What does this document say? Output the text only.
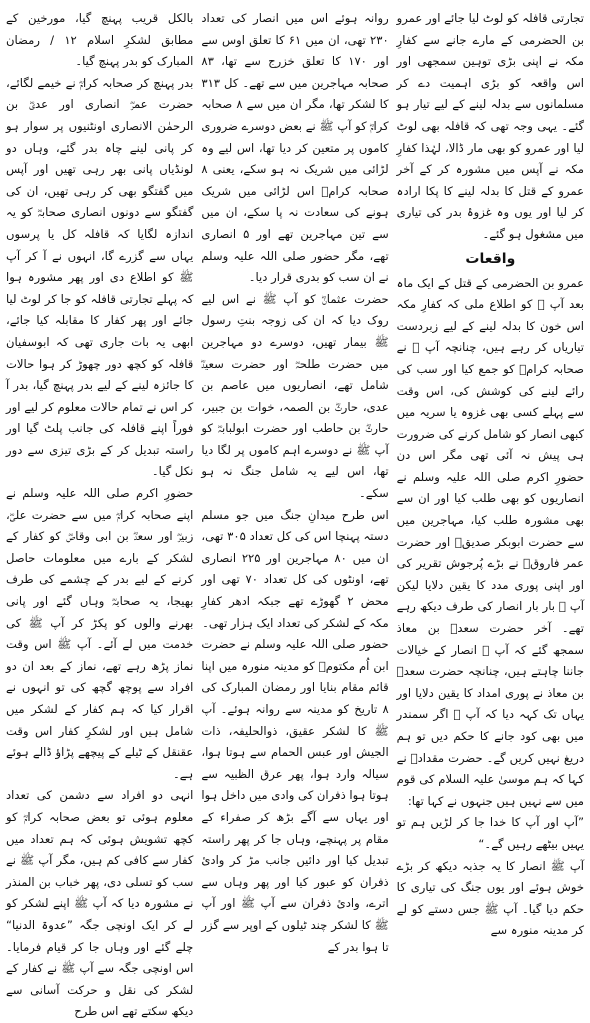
تجارتی قافلہ کو لوٹ لیا جائے اور عمرو بن الحضرمی کے مارے جانے سے کفارِ مکہ نے اپنی بڑی توہین سمجھی اور اس واقعہ کو بڑی اہمیت دے کر مسلمانوں سے بدلہ لینے کے لیے تیار ہو گئے۔ یہی وجہ تھی کہ قافلہ بھی لوٹ لیا اور عمرو کو بھی مار ڈالا، لہٰذا کفارِ مکہ نے آپس میں مشورہ کر کے آخر عمرو کے قتل کا بدلہ لینے کا پکا ارادہ کر لیا اور یوں وہ غزوۂ بدر کی تیاری میں مشغول ہو گئے۔

واقعات

عمرو بن الحضرمی کے قتل کے ایک ماہ بعد آپ ﷺ کو اطلاع ملی کہ کفارِ مکہ اس خون کا بدلہ لینے کے لیے زبردست تیاریاں کر رہے ہیں، چنانچہ آپ ﷺ نے صحابہ کرامؓ کو جمع کیا اور سب کی رائے لینے کی کوشش کی، اس وقت سے پہلے کسی بھی غزوہ یا سریہ میں کبھی انصار کو شامل کرنے کی ضرورت ہی پیش نہ آئی تھی مگر اس دن حضورِ اکرم صلی اللہ علیہ وسلم نے انصاریوں کو بھی طلب کیا اور ان سے بھی مشورہ طلب کیا، مہاجرین میں سے حضرت ابوبکر صدیقؓ اور حضرت عمر فاروقؓ نے بڑے پُرجوش تقریر کی اور اپنی پوری مدد کا یقین دلایا لیکن آپ ﷺ بار بار انصار کی طرف دیکھ رہے تھے۔ آخر حضرت سعدؓ بن معاذ سمجھ گئے کہ آپ ﷺ انصار کے خیالات جاننا چاہتے ہیں، چنانچہ حضرت سعدؓ بن معاذ نے پوری امداد کا یقین دلایا اور یہاں تک کہہ دیا کہ آپ ﷺ اگر سمندر میں بھی کود جانے کا حکم دیں تو ہم دریغ نہیں کریں گے۔ حضرت مقدادؓ نے کہا کہ ہم موسیٰ علیہ السلام کی قوم میں سے نہیں ہیں جنہوں نے کہا تھا:

”آپ اور آپ کا خدا جا کر لڑیں ہم تو یہیں بیٹھے رہیں گے۔“

آپ ﷺ انصار کا یہ جذبہ دیکھ کر بڑے خوش ہوئے اور یوں جنگ کی تیاری کا حکم دیا گیا۔ آپ ﷺ جس دستے کو لے کر مدینہ منورہ سے

روانہ ہوئے اس میں انصار کی تعداد ۲۳۰ تھی، ان میں ۶۱ کا تعلق اوس سے اور ۱۷۰ کا تعلق خزرج سے تھا، ۸۳ صحابہ مہاجرین میں سے تھے۔ کل ۳۱۳ کا لشکر تھا، مگر ان میں سے ۸ صحابہ کرامؓ کو آپ ﷺ نے بعض دوسرے ضروری کاموں پر متعین کر دیا تھا، اس لیے وہ لڑائی میں شریک نہ ہو سکے، یعنی ۸ صحابہ کرامؓ اس لڑائی میں شریک ہونے کی سعادت نہ پا سکے، ان میں سے تین مہاجرین تھے اور ۵ انصاری تھے، مگر حضور صلی اللہ علیہ وسلم نے ان سب کو بدری قرار دیا۔

حضرت عثمانؓ کو آپ ﷺ نے اس لیے روک دیا کہ ان کی زوجہ بنتِ رسول ﷺ بیمار تھیں، دوسرے دو مہاجرین میں حضرت طلحہؓ اور حضرت سعیدؓ شامل تھے، انصاریوں میں عاصم بن عدی، حارثؓ بن الصمہ، خوات بن جبیر، حارثؓ بن حاطب اور حضرت ابولبابہؓ کو آپ ﷺ نے دوسرے اہم کاموں پر لگا دیا تھا، اس لیے یہ شامل جنگ نہ ہو سکے۔

اس طرح میدانِ جنگ میں جو مسلم دستہ پہنچا اس کی کل تعداد ۳۰۵ تھی، ان میں ۸۰ مہاجرین اور ۲۲۵ انصاری تھے، اونٹوں کی کل تعداد ۷۰ تھی اور محض ۲ گھوڑے تھے جبکہ ادھر کفارِ مکہ کے لشکر کی تعداد ایک ہزار تھی۔

حضور صلی اللہ علیہ وسلم نے حضرت ابن اُم مکتومؓ کو مدینہ منورہ میں اپنا قائم مقام بنایا اور رمضان المبارک کی ۸ تاریخ کو مدینہ سے روانہ ہوئے۔ آپ ﷺ کا لشکر عقیق، ذوالحلیفہ، ذات الجیش اور عبس الحمام سے ہوتا ہوا، سیالہ وارد ہوا، پھر عرق الظبیہ سے ہوتا ہوا ذفران کی وادی میں داخل ہوا اور یہاں سے آگے بڑھ کر صفراء کے مقام پر پہنچے، وہاں جا کر پھر راستہ تبدیل کیا اور دائیں جانب مڑ کر وادیٔ ذفران کو عبور کیا اور پھر وہاں سے اترے، وادیٔ ذفران سے آپ ﷺ اور آپ ﷺ کا لشکر چند ٹیلوں کے اوپر سے گزر تا ہوا بدر کے

بالکل قریب پہنچ گیا، مورخین کے مطابق لشکرِ اسلام ۱۲ / رمضان المبارک کو بدر پہنچ گیا۔

بدر پہنچ کر صحابہ کرامؓ نے خیمے لگائے، حضرت عمرؓ انصاری اور عدیؓ بن الرحمٰن الانصاری اونٹنیوں پر سوار ہو کر پانی لینے چاہ بدر گئے، وہاں دو لونڈیاں پانی بھر رہی تھیں اور آپس میں گفتگو بھی کر رہی تھیں، ان کی گفتگو سے دونوں انصاری صحابہؓ کو یہ اندازہ لگایا کہ قافلہ کل یا پرسوں یہاں سے گزرے گا، انہوں نے آ کر آپ ﷺ کو اطلاع دی اور پھر مشورہ ہوا کہ پہلے تجارتی قافلہ کو جا کر لوٹ لیا جائے اور پھر کفار کا مقابلہ کیا جائے، ابھی یہ بات جاری تھی کہ ابوسفیان قافلہ کو کچھ دور چھوڑ کر ہوا حالات کا جائزہ لینے کے لیے بدر پہنچ گیا، بدر آ کر اس نے تمام حالات معلوم کر لیے اور فوراً اپنے قافلہ کی جانب پلٹ گیا اور راستہ تبدیل کر کے بڑی تیزی سے دور نکل گیا۔

حضورِ اکرم صلی اللہ علیہ وسلم نے اپنے صحابہ کرامؓ میں سے حضرت علیؓ، زبیرؓ اور سعدؓ بن ابی وقاصؓ کو کفار کے لشکر کے بارے میں معلومات حاصل کرنے کے لیے بدر کے چشمے کی طرف بھیجا، یہ صحابہؓ وہاں گئے اور پانی بھرنے والوں کو پکڑ کر آپ ﷺ کی خدمت میں لے آئے۔ آپ ﷺ اس وقت نماز پڑھ رہے تھے، نماز کے بعد ان دو افراد سے پوچھ گچھ کی تو انہوں نے اقرار کیا کہ ہم کفار کے لشکر میں شامل ہیں اور لشکرِ کفار اس وقت عقنقل کے ٹیلے کے پیچھے پڑاؤ ڈالے ہوئے ہے۔

انہی دو افراد سے دشمن کی تعداد معلوم ہوئی تو بعض صحابہ کرامؓ کو کچھ تشویش ہوئی کہ ہم تعداد میں کفار سے کافی کم ہیں، مگر آپ ﷺ نے سب کو تسلی دی، پھر خباب بن المنذر نے مشورہ دیا کہ آپ ﷺ اپنے لشکر کو لے کر ایک اونچی جگہ ”عدوۃ الدنیا“ چلے گئے اور وہاں جا کر قیام فرمایا۔ اس اونچی جگہ سے آپ ﷺ نے کفار کے لشکر کی نقل و حرکت آسانی سے دیکھ سکتے تھے اس طرح
